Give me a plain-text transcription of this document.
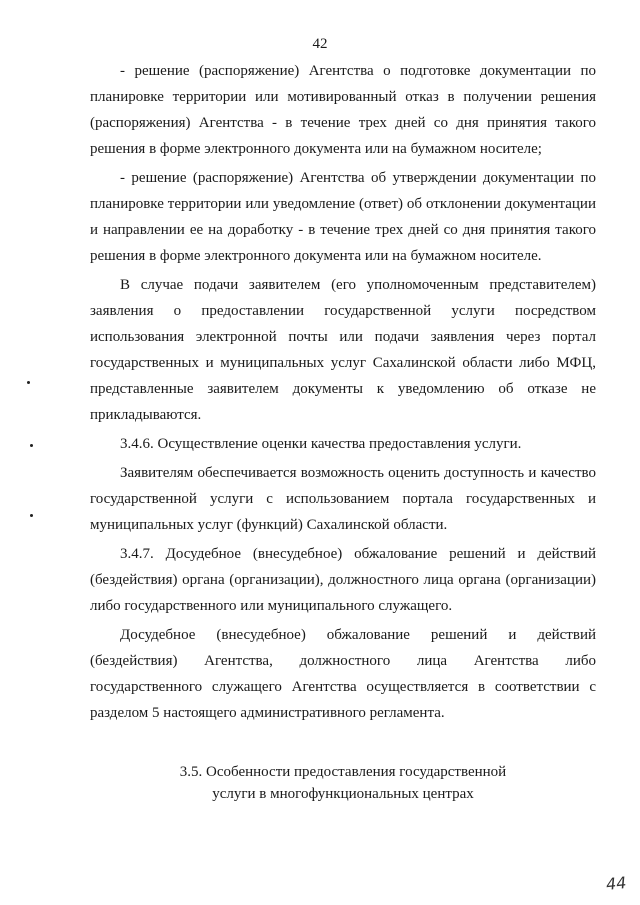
42

- решение (распоряжение) Агентства о подготовке документации по планировке территории или мотивированный отказ в получении решения (распоряжения) Агентства - в течение трех дней со дня принятия такого решения в форме электронного документа или на бумажном носителе;

- решение (распоряжение) Агентства об утверждении документации по планировке территории или уведомление (ответ) об отклонении документации и направлении ее на доработку - в течение трех дней со дня принятия такого решения в форме электронного документа или на бумажном носителе.

В случае подачи заявителем (его уполномоченным представителем) заявления о предоставлении государственной услуги посредством использования электронной почты или подачи заявления через портал государственных и муниципальных услуг Сахалинской области либо МФЦ, представленные заявителем документы к уведомлению об отказе не прикладываются.

3.4.6. Осуществление оценки качества предоставления услуги.

Заявителям обеспечивается возможность оценить доступность и качество государственной услуги с использованием портала государственных и муниципальных услуг (функций) Сахалинской области.

3.4.7. Досудебное (внесудебное) обжалование решений и действий (бездействия) органа (организации), должностного лица органа (организации) либо государственного или муниципального служащего.

Досудебное (внесудебное) обжалование решений и действий (бездействия) Агентства, должностного лица Агентства либо государственного служащего Агентства осуществляется в соответствии с разделом 5 настоящего административного регламента.

3.5. Особенности предоставления государственной
услуги в многофункциональных центрах
44
